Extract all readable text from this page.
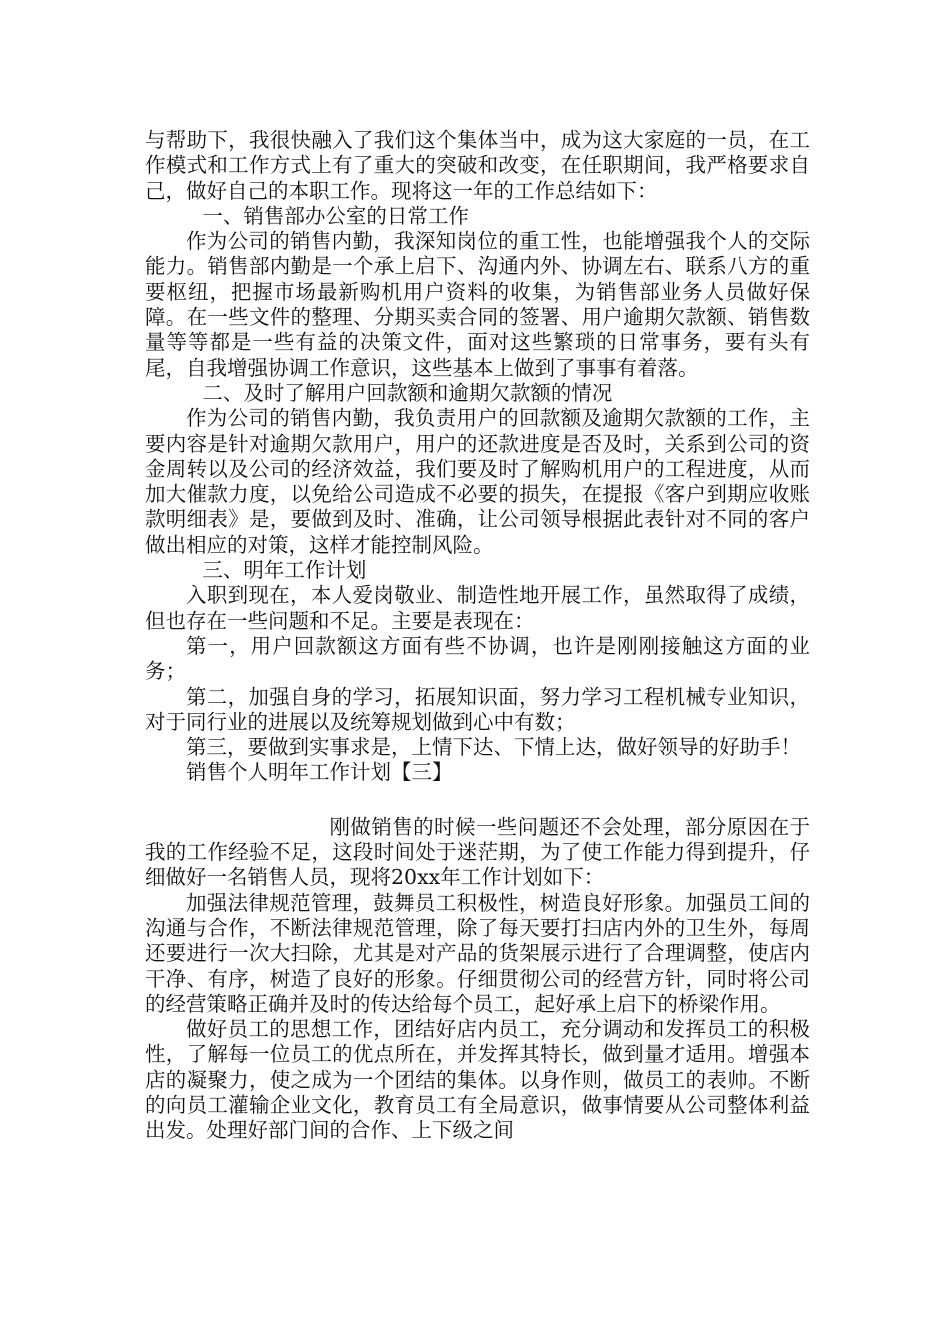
与帮助下，我很快融入了我们这个集体当中，成为这大家庭的一员，在工作模式和工作方式上有了重大的突破和改变，在任职期间，我严格要求自己，做好自己的本职工作。现将这一年的工作总结如下：

一、销售部办公室的日常工作

作为公司的销售内勤，我深知岗位的重工性，也能增强我个人的交际能力。销售部内勤是一个承上启下、沟通内外、协调左右、联系八方的重要枢纽，把握市场最新购机用户资料的收集，为销售部业务人员做好保障。在一些文件的整理、分期买卖合同的签署、用户逾期欠款额、销售数量等等都是一些有益的决策文件，面对这些繁琐的日常事务，要有头有尾，自我增强协调工作意识，这些基本上做到了事事有着落。

二、及时了解用户回款额和逾期欠款额的情况

作为公司的销售内勤，我负责用户的回款额及逾期欠款额的工作，主要内容是针对逾期欠款用户，用户的还款进度是否及时，关系到公司的资金周转以及公司的经济效益，我们要及时了解购机用户的工程进度，从而加大催款力度，以免给公司造成不必要的损失，在提报《客户到期应收账款明细表》是，要做到及时、准确，让公司领导根据此表针对不同的客户做出相应的对策，这样才能控制风险。

三、明年工作计划

入职到现在，本人爱岗敬业、制造性地开展工作，虽然取得了成绩，但也存在一些问题和不足。主要是表现在：

第一，用户回款额这方面有些不协调，也许是刚刚接触这方面的业务；

第二，加强自身的学习，拓展知识面，努力学习工程机械专业知识，对于同行业的进展以及统筹规划做到心中有数；

第三，要做到实事求是，上情下达、下情上达，做好领导的好助手！

销售个人明年工作计划【三】

刚做销售的时候一些问题还不会处理，部分原因在于我的工作经验不足，这段时间处于迷茫期，为了使工作能力得到提升，仔细做好一名销售人员，现将20xx年工作计划如下：

加强法律规范管理，鼓舞员工积极性，树造良好形象。加强员工间的沟通与合作，不断法律规范管理，除了每天要打扫店内外的卫生外，每周还要进行一次大扫除，尤其是对产品的货架展示进行了合理调整，使店内干净、有序，树造了良好的形象。仔细贯彻公司的经营方针，同时将公司的经营策略正确并及时的传达给每个员工，起好承上启下的桥梁作用。

做好员工的思想工作，团结好店内员工，充分调动和发挥员工的积极性，了解每一位员工的优点所在，并发挥其特长，做到量才适用。增强本店的凝聚力，使之成为一个团结的集体。以身作则，做员工的表帅。不断的向员工灌输企业文化，教育员工有全局意识，做事情要从公司整体利益出发。处理好部门间的合作、上下级之间
